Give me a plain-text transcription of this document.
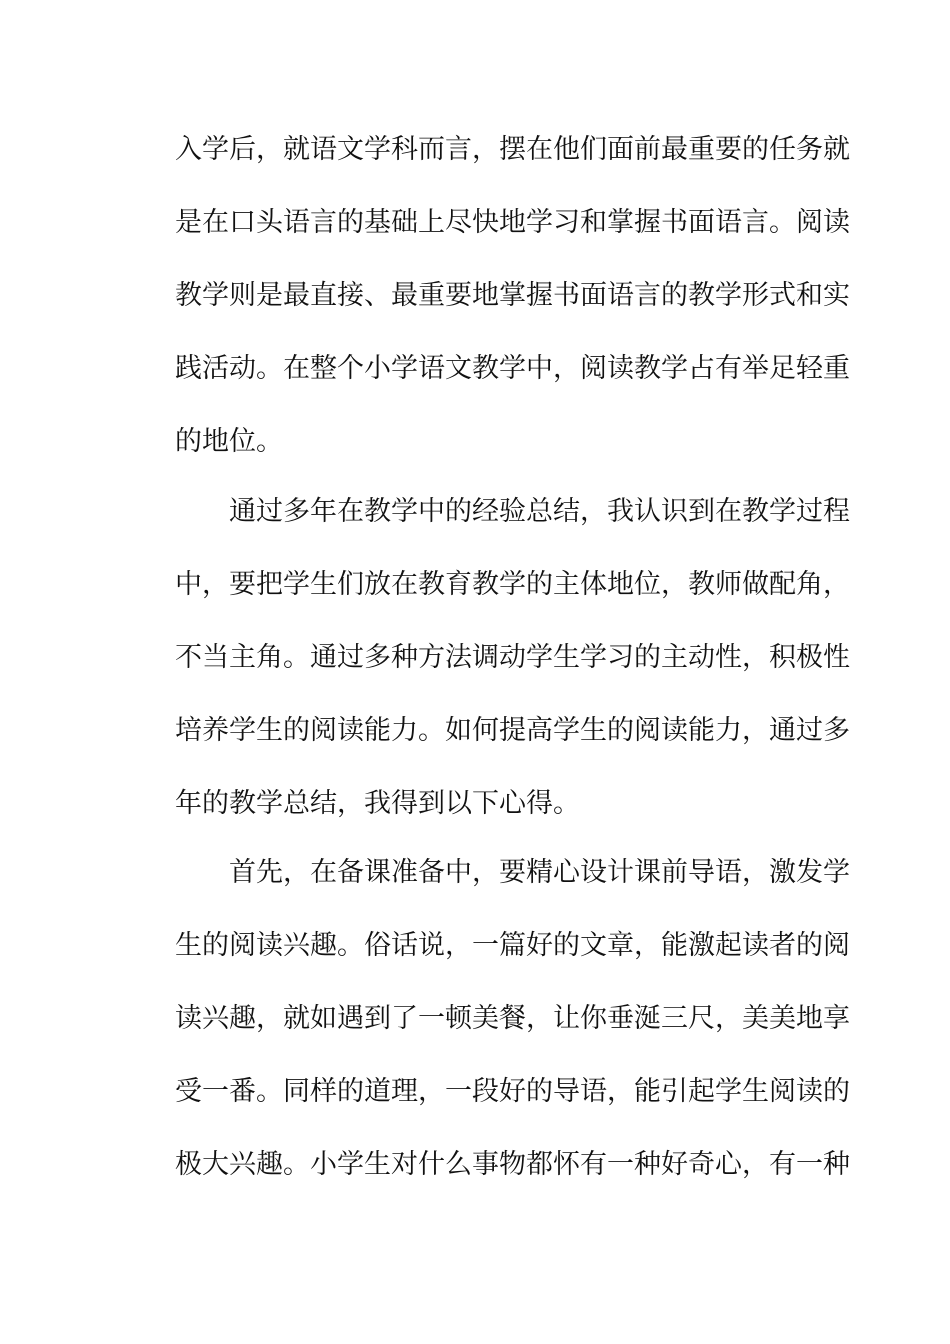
入学后，就语文学科而言，摆在他们面前最重要的任务就
是在口头语言的基础上尽快地学习和掌握书面语言。阅读
教学则是最直接、最重要地掌握书面语言的教学形式和实
践活动。在整个小学语文教学中，阅读教学占有举足轻重
的地位。
通过多年在教学中的经验总结，我认识到在教学过程
中，要把学生们放在教育教学的主体地位，教师做配角，
不当主角。通过多种方法调动学生学习的主动性，积极性
培养学生的阅读能力。如何提高学生的阅读能力，通过多
年的教学总结，我得到以下心得。
首先，在备课准备中，要精心设计课前导语，激发学
生的阅读兴趣。俗话说，一篇好的文章，能激起读者的阅
读兴趣，就如遇到了一顿美餐，让你垂涎三尺，美美地享
受一番。同样的道理，一段好的导语，能引起学生阅读的
极大兴趣。小学生对什么事物都怀有一种好奇心，有一种
